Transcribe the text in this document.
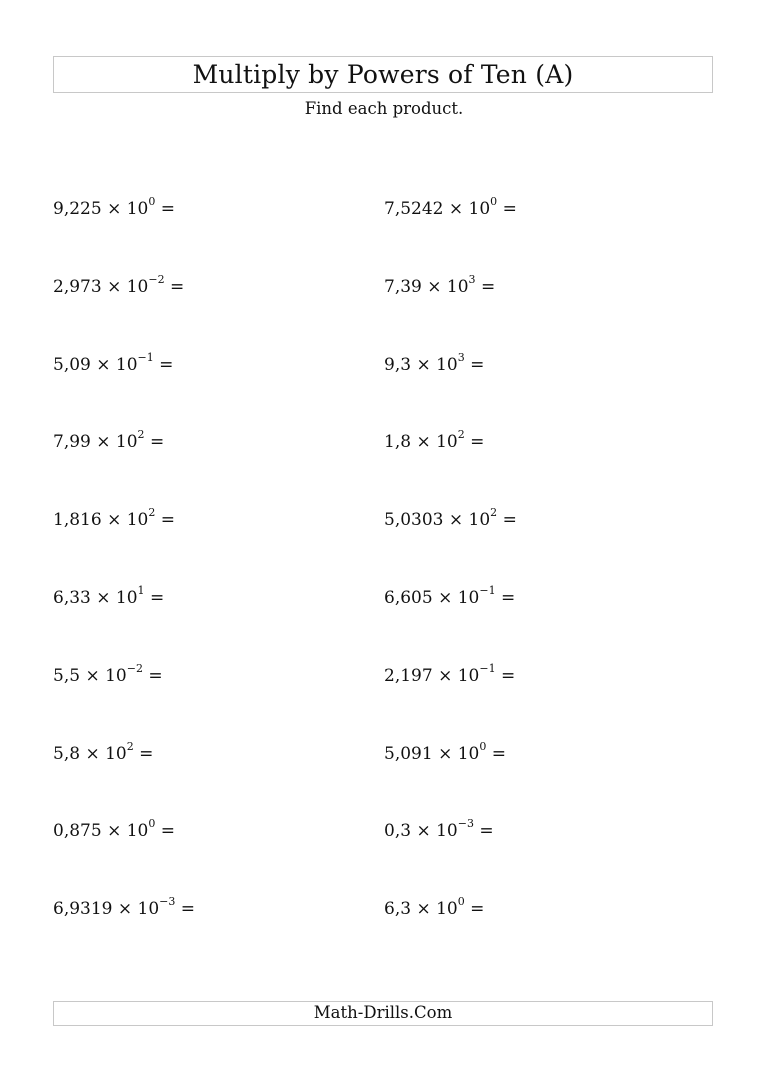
Multiply by Powers of Ten (A)
Find each product.
$9,225 \times 10^0$ =	$7,5242 \times 10^0$ =
$2,973 \times 10^{-2}$ =	$7,39 \times 10^3$ =
$5,09 \times 10^{-1}$ =	$9,3 \times 10^3$ =
$7,99 \times 10^2$ =	$1,8 \times 10^2$ =
$1,816 \times 10^2$ =	$5,0303 \times 10^2$ =
$6,33 \times 10^1$ =	$6,605 \times 10^{-1}$ =
$5,5 \times 10^{-2}$ =	$2,197 \times 10^{-1}$ =
$5,8 \times 10^2$ =	$5,091 \times 10^0$ =
$0,875 \times 10^0$ =	$0,3 \times 10^{-3}$ =
$6,9319 \times 10^{-3}$ =	$6,3 \times 10^0$ =
Math-Drills.Com
